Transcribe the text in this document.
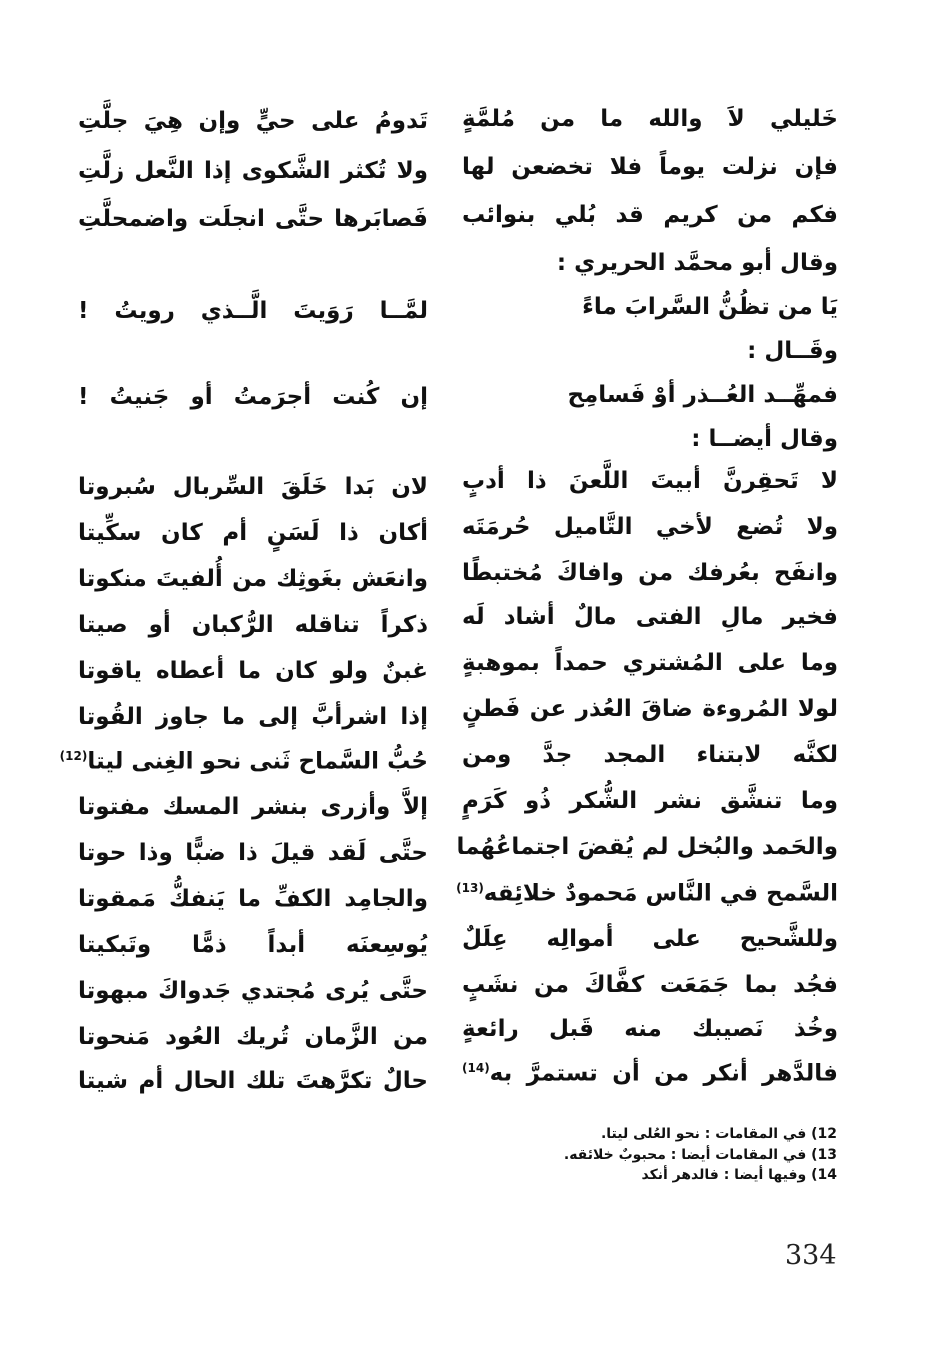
خَليلي لاَ والله ما من مُلمَّةٍ
فإن نزلت يوماً فلا تخضعن لها
فكم من كريم قد بُلي بنوائب
وقال أبو محمَّد الحريري :
يَا من تظُنُّ السَّرابَ ماءً
وقَــال :
فمهِّــد العُــذر أوْ فَسامِح
وقال أيضــا :
لا تَحقِرنَّ أبيتَ اللَّعنَ ذا أدبٍ
ولا تُضع لأخي التَّاميل حُرمَتَه
وانفَح بعُرفك من وافاكَ مُختبطًا
فخير مالِ الفتى مالٌ أشاد لَه
وما على المُشتري حمداً بموهبةٍ
لولا المُروءة ضاقَ العُذر عن فَطنٍ
لكنَّه لابتناء المجد جدَّ ومن
وما تنشَّق نشر الشُّكر ذُو كَرَمٍ
والحَمد والبُخل لم يُقضَ اجتماعُهُما
السَّمح في النَّاس مَحمودٌ خلائِقه$^{(13)}$
وللشَّحيح على أموالِه عِلَلٌ
فجُد بما جَمَعَت كفَّاكَ من نشَبٍ
وخُذ نَصيبك منه قَبل رائعةٍ
فالدَّهر أنكر من أن تستمرَّ به$^{(14)}$
تَدومُ على حيٍّ وإن هِيَ جلَّتِ
ولا تُكثر الشَّكوى إذا النَّعل زلَّتِ
فَصابَرها حتَّى انجلَت واضمحلَّتِ
لمَّــا رَوَيتَ الَّــذي رويتُ !
إن كُنت أجرَمتُ أو جَنيتُ !
لان بَدا خَلَقَ السِّربال سُبروتا
أكان ذا لَسَنٍ أم كان سكِّيتا
وانعَش بغَوثِك من أُلفيتَ منكوتا
ذكراً تناقله الرُّكبان أو صيتا
غبنٌ ولو كان ما أعطاه ياقوتا
إذا اشرأبَّ إلى ما جاوز القُوتا
حُبُّ السَّماح ثَنى نحو الغِنى ليتا$^{(12)}$
إلاَّ وأزرى بنشر المسك مفتوتا
حتَّى لَقد قيلَ ذا ضبًّا وذا حوتا
والجامِد الكفِّ ما يَنفكُّ مَمقوتا
يُوسِعنَه أبداً ذمًّا وتَبكيتا
حتَّى يُرى مُجتدي جَدواكَ مبهوتا
من الزَّمان تُريك العُود مَنحوتا
حالٌ تكرَّهتَ تلك الحال أم شيتا
12) في المقامات : نحو العُلى ليتا.
13) في المقامات أيضا : محبوبٌ خلائقه.
14) وفيها أيضا : فالدهر أنكد
334
